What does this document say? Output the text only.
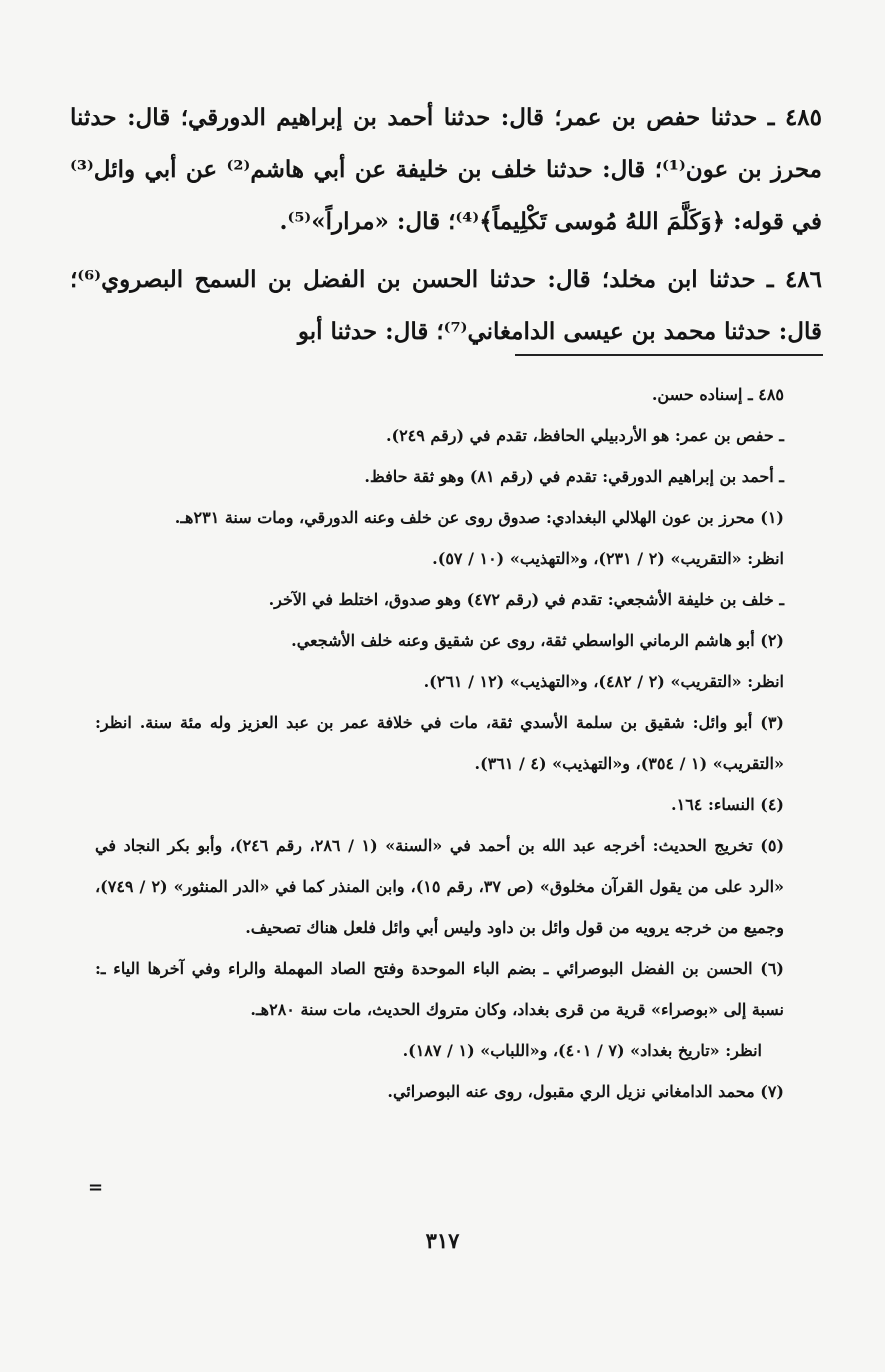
٤٨٥ ـ حدثنا حفص بن عمر؛ قال: حدثنا أحمد بن إبراهيم الدورقي؛ قال: حدثنا محرز بن عون⁽¹⁾؛ قال: حدثنا خلف بن خليفة عن أبي هاشم⁽²⁾ عن أبي وائل⁽³⁾ في قوله: ﴿وَكَلَّمَ اللهُ مُوسى تَكْلِيماً﴾⁽⁴⁾؛ قال: «مراراً»⁽⁵⁾.

٤٨٦ ـ حدثنا ابن مخلد؛ قال: حدثنا الحسن بن الفضل بن السمح البصروي⁽⁶⁾؛ قال: حدثنا محمد بن عيسى الدامغاني⁽⁷⁾؛ قال: حدثنا أبو

٤٨٥ ـ إسناده حسن.

ـ حفص بن عمر: هو الأردبيلي الحافظ، تقدم في (رقم ٢٤٩).

ـ أحمد بن إبراهيم الدورقي: تقدم في (رقم ٨١) وهو ثقة حافظ.

(١) محرز بن عون الهلالي البغدادي: صدوق روى عن خلف وعنه الدورقي، ومات سنة ٢٣١هـ.

انظر: «التقريب» (٢ / ٢٣١)، و«التهذيب» (١٠ / ٥٧).

ـ خلف بن خليفة الأشجعي: تقدم في (رقم ٤٧٢) وهو صدوق، اختلط في الآخر.

(٢) أبو هاشم الرماني الواسطي ثقة، روى عن شقيق وعنه خلف الأشجعي.

انظر: «التقريب» (٢ / ٤٨٢)، و«التهذيب» (١٢ / ٢٦١).

(٣) أبو وائل: شقيق بن سلمة الأسدي ثقة، مات في خلافة عمر بن عبد العزيز وله مئة سنة. انظر: «التقريب» (١ / ٣٥٤)، و«التهذيب» (٤ / ٣٦١).

(٤) النساء: ١٦٤.

(٥) تخريج الحديث: أخرجه عبد الله بن أحمد في «السنة» (١ / ٢٨٦، رقم ٢٤٦)، وأبو بكر النجاد في «الرد على من يقول القرآن مخلوق» (ص ٣٧، رقم ١٥)، وابن المنذر كما في «الدر المنثور» (٢ / ٧٤٩)، وجميع من خرجه يرويه من قول وائل بن داود وليس أبي وائل فلعل هناك تصحيف.

(٦) الحسن بن الفضل البوصرائي ـ بضم الباء الموحدة وفتح الصاد المهملة والراء وفي آخرها الياء ـ: نسبة إلى «بوصراء» قرية من قرى بغداد، وكان متروك الحديث، مات سنة ٢٨٠هـ.

انظر: «تاريخ بغداد» (٧ / ٤٠١)، و«اللباب» (١ / ١٨٧).

(٧) محمد الدامغاني نزيل الري مقبول، روى عنه البوصرائي.

=
٣١٧
